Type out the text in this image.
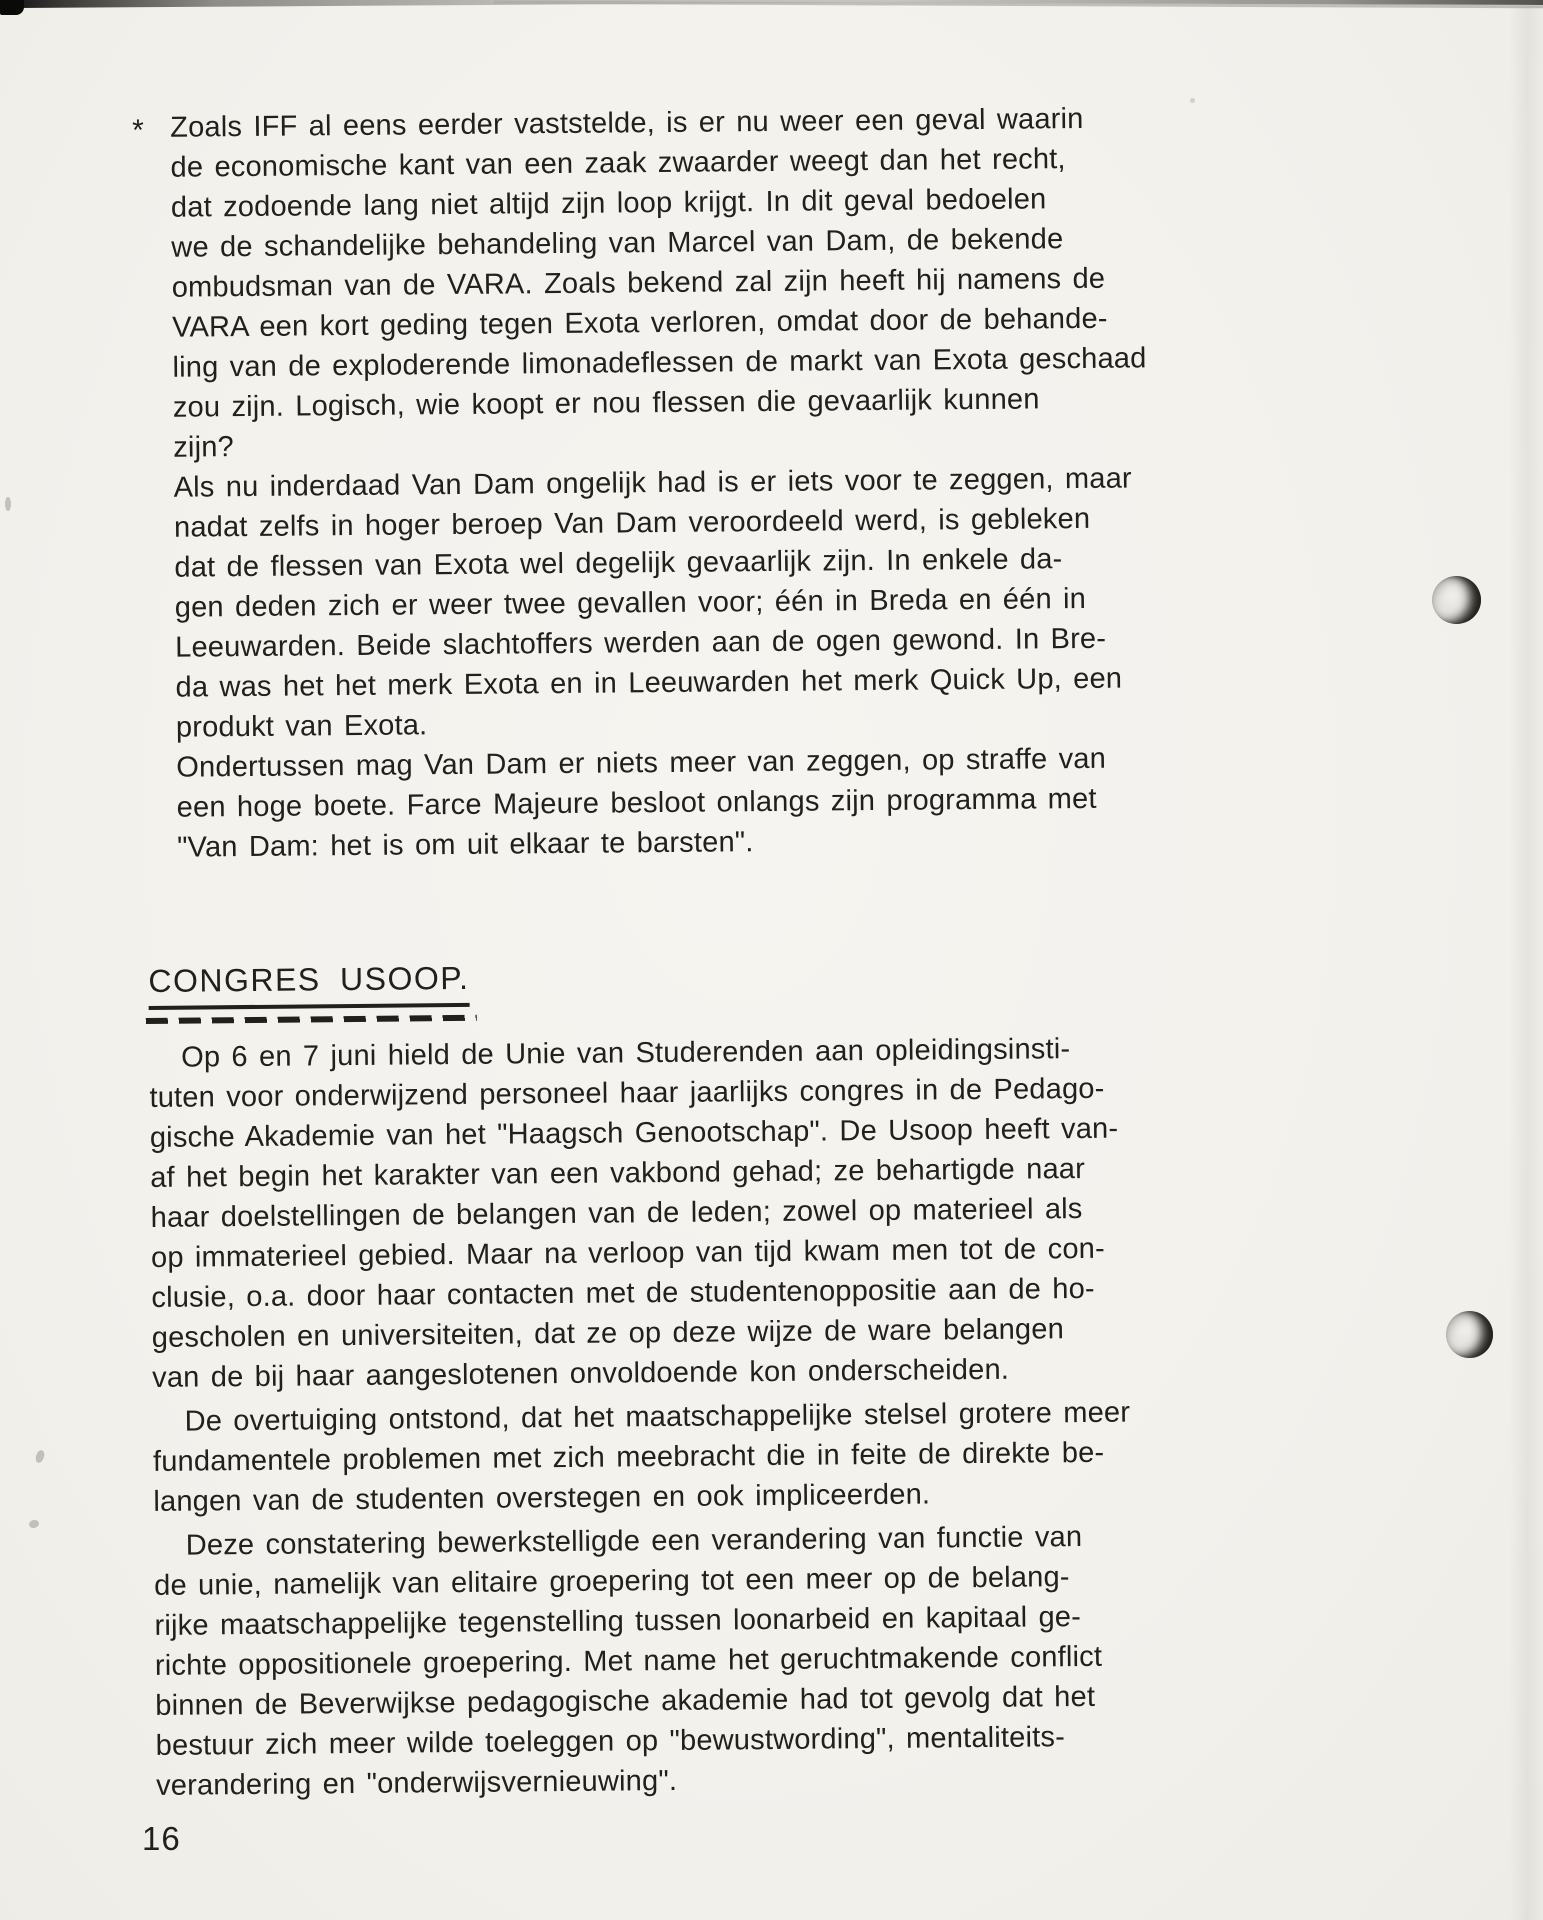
* Zoals IFF al eens eerder vaststelde, is er nu weer een geval waarin
de economische kant van een zaak zwaarder weegt dan het recht,
dat zodoende lang niet altijd zijn loop krijgt. In dit geval bedoelen
we de schandelijke behandeling van Marcel van Dam, de bekende
ombudsman van de VARA. Zoals bekend zal zijn heeft hij namens de
VARA een kort geding tegen Exota verloren, omdat door de behande-
ling van de exploderende limonadeflessen de markt van Exota geschaad
zou zijn. Logisch, wie koopt er nou flessen die gevaarlijk kunnen
zijn?
Als nu inderdaad Van Dam ongelijk had is er iets voor te zeggen, maar
nadat zelfs in hoger beroep Van Dam veroordeeld werd, is gebleken
dat de flessen van Exota wel degelijk gevaarlijk zijn. In enkele da-
gen deden zich er weer twee gevallen voor; één in Breda en één in
Leeuwarden. Beide slachtoffers werden aan de ogen gewond. In Bre-
da was het het merk Exota en in Leeuwarden het merk Quick Up, een
produkt van Exota.
Ondertussen mag Van Dam er niets meer van zeggen, op straffe van
een hoge boete. Farce Majeure besloot onlangs zijn programma met
"Van Dam: het is om uit elkaar te barsten".
CONGRES USOOP.
Op 6 en 7 juni hield de Unie van Studerenden aan opleidingsinsti-
tuten voor onderwijzend personeel haar jaarlijks congres in de Pedago-
gische Akademie van het "Haagsch Genootschap". De Usoop heeft van-
af het begin het karakter van een vakbond gehad; ze behartigde naar
haar doelstellingen de belangen van de leden; zowel op materieel als
op immaterieel gebied. Maar na verloop van tijd kwam men tot de con-
clusie, o.a. door haar contacten met de studentenoppositie aan de ho-
gescholen en universiteiten, dat ze op deze wijze de ware belangen
van de bij haar aangeslotenen onvoldoende kon onderscheiden.
De overtuiging ontstond, dat het maatschappelijke stelsel grotere meer
fundamentele problemen met zich meebracht die in feite de direkte be-
langen van de studenten overstegen en ook impliceerden.
Deze constatering bewerkstelligde een verandering van functie van
de unie, namelijk van elitaire groepering tot een meer op de belang-
rijke maatschappelijke tegenstelling tussen loonarbeid en kapitaal ge-
richte oppositionele groepering. Met name het geruchtmakende conflict
binnen de Beverwijkse pedagogische akademie had tot gevolg dat het
bestuur zich meer wilde toeleggen op "bewustwording", mentaliteits-
verandering en "onderwijsvernieuwing".
16
